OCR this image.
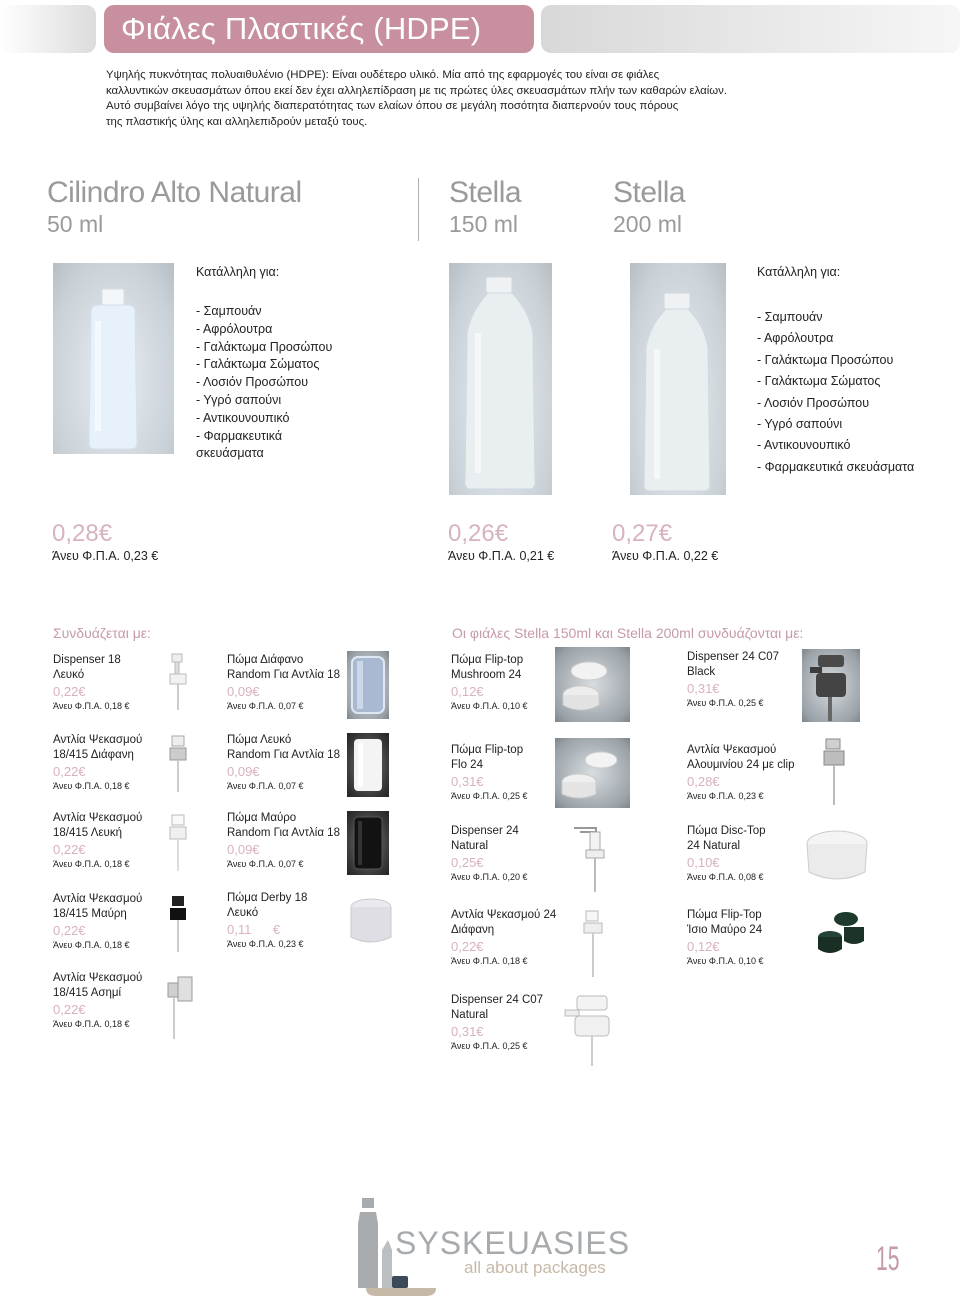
Φιάλες Πλαστικές (HDPE)
Υψηλής πυκνότητας πολυαιθυλένιο (HDPE): Είναι ουδέτερο υλικό. Μία από της εφαρμογές του είναι σε φιάλες
καλλυντικών σκευασμάτων όπου εκεί δεν έχει αλληλεπίδραση με τις πρώτες ύλες σκευασμάτων πλήν των καθαρών ελαίων.
Αυτό συμβαίνει λόγο της υψηλής διαπερατότητας των ελαίων όπου σε μεγάλη ποσότητα διαπερνούν τους πόρους
της πλαστικής ύλης και αλληλεπιδρούν μεταξύ τους.
Cilindro Alto Natural
50 ml
Stella
150 ml
Stella
200 ml
Κατάλληλη για:
- Σαμπουάν
- Αφρόλουτρα
- Γαλάκτωμα Προσώπου
- Γαλάκτωμα Σώματος
- Λοσιόν Προσώπου
- Υγρό σαπούνι
- Αντικουνουπικό
- Φαρμακευτικά
σκευάσματα
Κατάλληλη για:
- Σαμπουάν
- Αφρόλουτρα
- Γαλάκτωμα Προσώπου
- Γαλάκτωμα Σώματος
- Λοσιόν Προσώπου
- Υγρό σαπούνι
- Αντικουνουπικό
- Φαρμακευτικά σκευάσματα
0,28€
Άνευ Φ.Π.Α. 0,23 €
0,26€
Άνευ Φ.Π.Α. 0,21 €
0,27€
Άνευ Φ.Π.Α. 0,22 €
Συνδυάζεται με:	Οι φιάλες Stella 150ml και Stella 200ml συνδυάζονται με:
Dispenser 18
Λευκό
0,22€
Άνευ Φ.Π.Α. 0,18 €
Αντλία Ψεκασμού
18/415 Διάφανη
0,22€
Άνευ Φ.Π.Α. 0,18 €
Αντλία Ψεκασμού
18/415 Λευκή
0,22€
Άνευ Φ.Π.Α. 0,18 €
Αντλία Ψεκασμού
18/415 Μαύρη
0,22€
Άνευ Φ.Π.Α. 0,18 €
Αντλία Ψεκασμού
18/415 Ασημί
0,22€
Άνευ Φ.Π.Α. 0,18 €
Πώμα Διάφανο
Random Για Αντλία 18
0,09€
Άνευ Φ.Π.Α. 0,07 €
Πώμα Λευκό
Random Για Αντλία 18
0,09€
Άνευ Φ.Π.Α. 0,07 €
Πώμα Μαύρο
Random Για Αντλία 18
0,09€
Άνευ Φ.Π.Α. 0,07 €
Πώμα Derby 18
Λευκό
0,11      €
Άνευ Φ.Π.Α. 0,23 €
Πώμα Flip-top
Mushroom 24
0,12€
Άνευ Φ.Π.Α. 0,10 €
Πώμα Flip-top
Flo 24
0,31€
Άνευ Φ.Π.Α. 0,25 €
Dispenser 24
Natural
0,25€
Άνευ Φ.Π.Α. 0,20 €
Αντλία Ψεκασμού 24
Διάφανη
0,22€
Άνευ Φ.Π.Α. 0,18 €
Dispenser 24 C07
Natural
0,31€
Άνευ Φ.Π.Α. 0,25 €
Dispenser 24 C07
Black
0,31€
Άνευ Φ.Π.Α. 0,25 €
Αντλία Ψεκασμού
Αλουμινίου 24 με clip
0,28€
Άνευ Φ.Π.Α. 0,23 €
Πώμα Disc-Top
24 Natural
0,10€
Άνευ Φ.Π.Α. 0,08 €
Πώμα Flip-Top
Ίσιο Μαύρο 24
0,12€
Άνευ Φ.Π.Α. 0,10 €
SYSKEUASIES
all about packages	15
